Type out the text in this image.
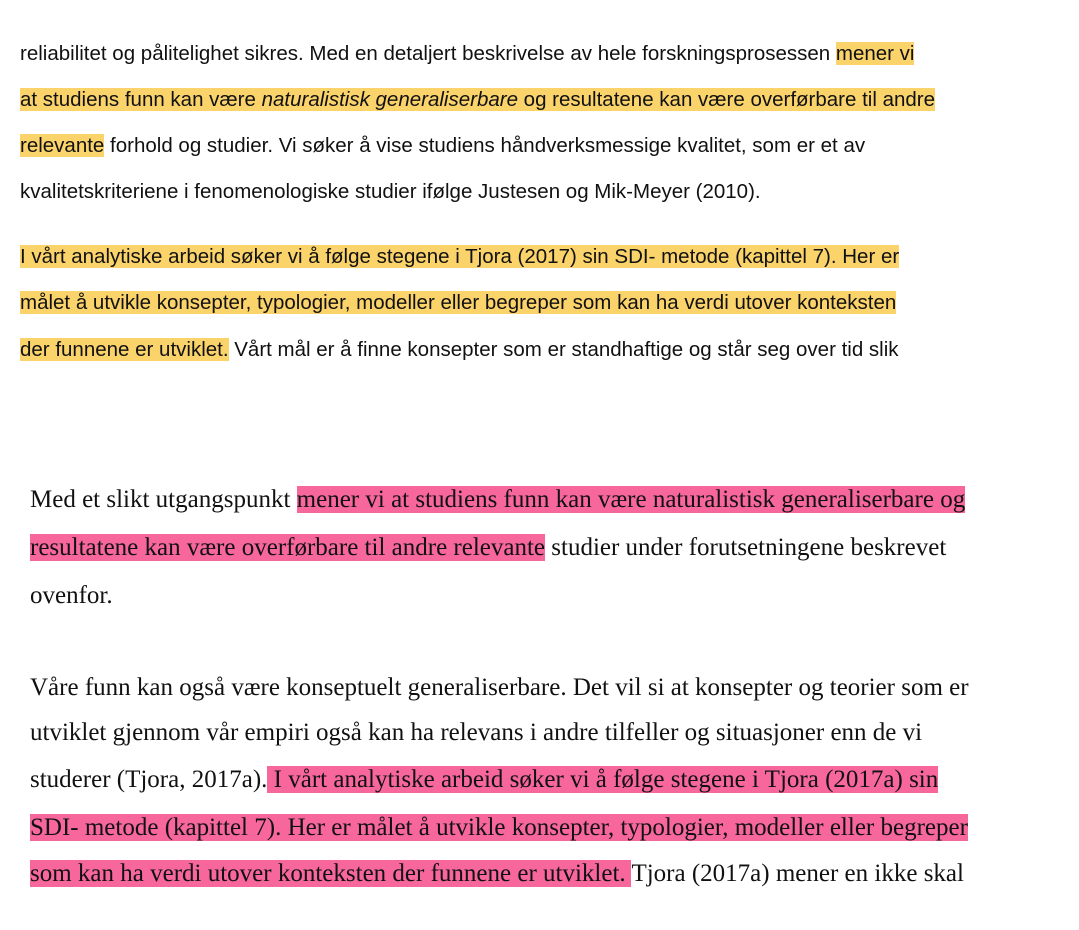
reliabilitet og pålitelighet sikres. Med en detaljert beskrivelse av hele forskningsprosessen mener vi
at studiens funn kan være naturalistisk generaliserbare og resultatene kan være overførbare til andre
relevante forhold og studier. Vi søker å vise studiens håndverksmessige kvalitet, som er et av
kvalitetskriteriene i fenomenologiske studier ifølge Justesen og Mik-Meyer (2010).
I vårt analytiske arbeid søker vi å følge stegene i Tjora (2017) sin SDI- metode (kapittel 7). Her er
målet å utvikle konsepter, typologier, modeller eller begreper som kan ha verdi utover konteksten
der funnene er utviklet. Vårt mål er å finne konsepter som er standhaftige og står seg over tid slik
Med et slikt utgangspunkt mener vi at studiens funn kan være naturalistisk generaliserbare og
resultatene kan være overførbare til andre relevante studier under forutsetningene beskrevet
ovenfor.
Våre funn kan også være konseptuelt generaliserbare. Det vil si at konsepter og teorier som er
utviklet gjennom vår empiri også kan ha relevans i andre tilfeller og situasjoner enn de vi
studerer (Tjora, 2017a). I vårt analytiske arbeid søker vi å følge stegene i Tjora (2017a) sin
SDI- metode (kapittel 7). Her er målet å utvikle konsepter, typologier, modeller eller begreper
som kan ha verdi utover konteksten der funnene er utviklet. Tjora (2017a) mener en ikke skal
